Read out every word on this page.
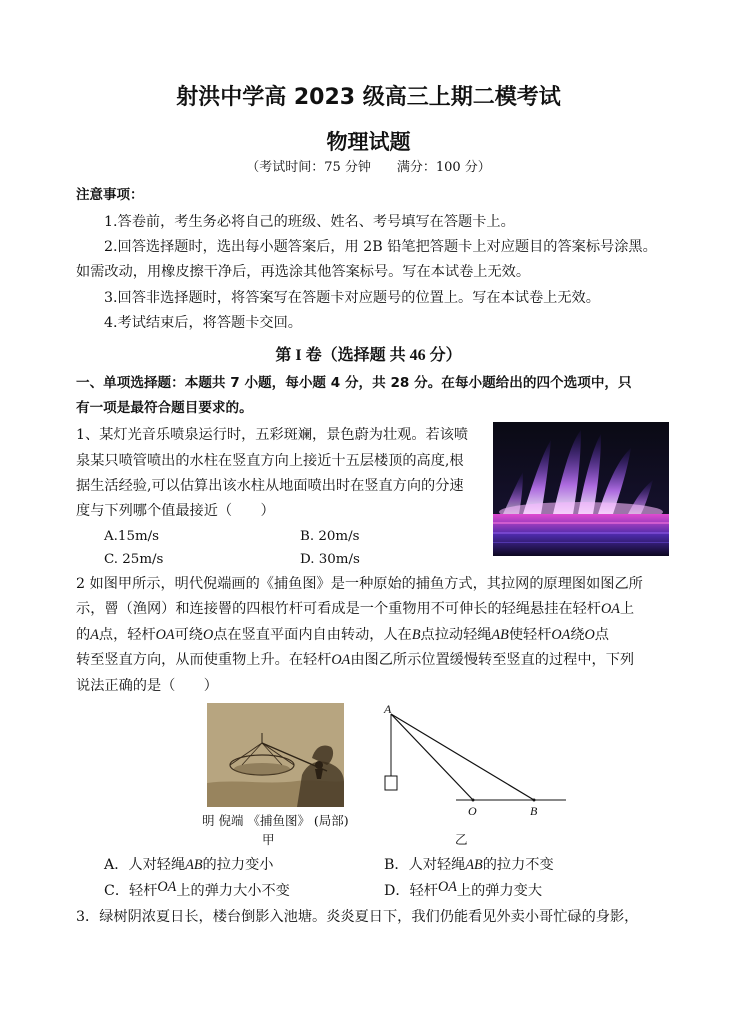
射洪中学高 2023 级高三上期二模考试
物理试题
（考试时间：75 分钟　　满分：100 分）
注意事项：
1.答卷前，考生务必将自己的班级、姓名、考号填写在答题卡上。
2.回答选择题时，选出每小题答案后，用 2B 铅笔把答题卡上对应题目的答案标号涂黑。
如需改动，用橡皮擦干净后，再选涂其他答案标号。写在本试卷上无效。
3.回答非选择题时，将答案写在答题卡对应题号的位置上。写在本试卷上无效。
4.考试结束后，将答题卡交回。
第 I 卷（选择题 共 46 分）
一、单项选择题：本题共 7 小题，每小题 4 分，共 28 分。在每小题给出的四个选项中，只
有一项是最符合题目要求的。
1、某灯光音乐喷泉运行时，五彩斑斓，景色蔚为壮观。若该喷
泉某只喷管喷出的水柱在竖直方向上接近十五层楼顶的高度,根
据生活经验,可以估算出该水柱从地面喷出时在竖直方向的分速
度与下列哪个值最接近（　　）
A.15m/s	B. 20m/s
C. 25m/s	D. 30m/s
2 如图甲所示，明代倪端画的《捕鱼图》是一种原始的捕鱼方式，其拉网的原理图如图乙所
示，罾（渔网）和连接罾的四根竹杆可看成是一个重物用不可伸长的轻绳悬挂在轻杆OA上
的A点，轻杆OA可绕O点在竖直平面内自由转动，人在B点拉动轻绳AB使轻杆OA绕O点
转至竖直方向，从而使重物上升。在轻杆OA由图乙所示位置缓慢转至竖直的过程中，下列
说法正确的是（　　）
明 倪端 《捕鱼图》 (局部)
甲
A
O	B
乙
A．人对轻绳AB的拉力变小	B．人对轻绳AB的拉力不变
C．轻杆OA上的弹力大小不变	D．轻杆OA上的弹力变大
3．绿树阴浓夏日长，楼台倒影入池塘。炎炎夏日下，我们仍能看见外卖小哥忙碌的身影，
